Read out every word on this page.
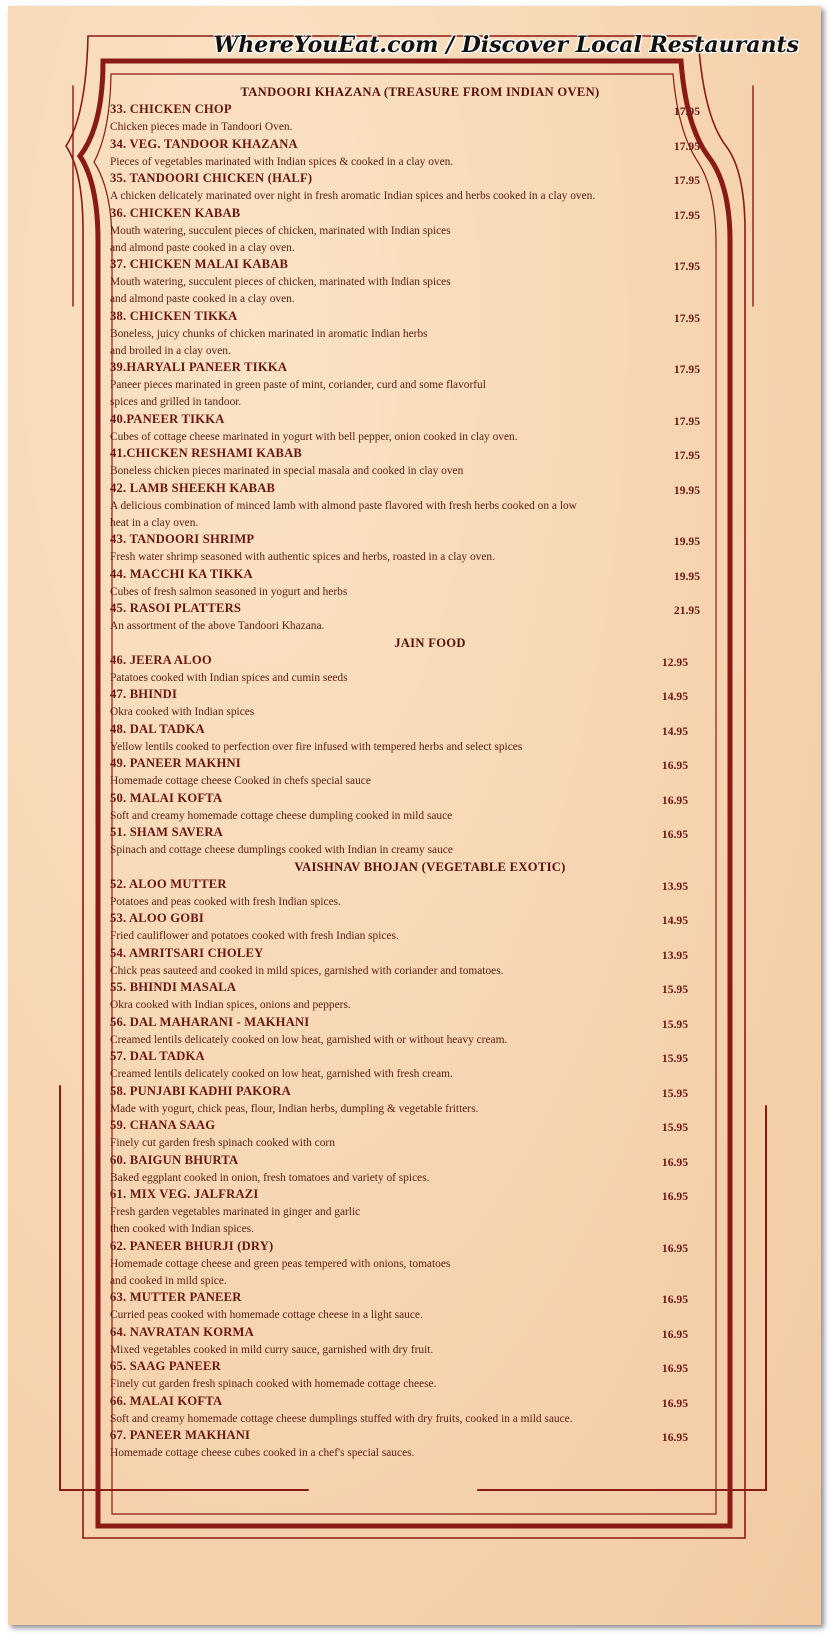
WhereYouEat.com / Discover Local Restaurants
TANDOORI KHAZANA (TREASURE FROM INDIAN OVEN)
33. CHICKEN CHOP	17.95
Chicken pieces made in Tandoori Oven.
34. VEG. TANDOOR KHAZANA	17.95
Pieces of vegetables marinated with Indian spices & cooked in a clay oven.
35. TANDOORI CHICKEN (HALF)	17.95
A chicken delicately marinated over night in fresh aromatic Indian spices and herbs cooked in a clay oven.
36. CHICKEN KABAB	17.95
Mouth watering, succulent pieces of chicken, marinated with Indian spices
and almond paste cooked in a clay oven.
37. CHICKEN MALAI KABAB	17.95
Mouth watering, succulent pieces of chicken, marinated with Indian spices
and almond paste cooked in a clay oven.
38. CHICKEN TIKKA	17.95
Boneless, juicy chunks of chicken marinated in aromatic Indian herbs
and broiled in a clay oven.
39.HARYALI PANEER TIKKA	17.95
Paneer pieces marinated in green paste of mint, coriander, curd and some flavorful
spices and grilled in tandoor.
40.PANEER TIKKA	17.95
Cubes of cottage cheese marinated in yogurt with bell pepper, onion cooked in clay oven.
41.CHICKEN RESHAMI KABAB	17.95
Boneless chicken pieces marinated in special masala and cooked in clay oven
42. LAMB SHEEKH KABAB	19.95
A delicious combination of minced lamb with almond paste flavored with fresh herbs cooked on a low
heat in a clay oven.
43. TANDOORI SHRIMP	19.95
Fresh water shrimp seasoned with authentic spices and herbs, roasted in a clay oven.
44. MACCHI KA TIKKA	19.95
Cubes of fresh salmon seasoned in yogurt and herbs
45. RASOI PLATTERS	21.95
An assortment of the above Tandoori Khazana.
JAIN FOOD
46. JEERA ALOO	12.95
Patatoes cooked with Indian spices and cumin seeds
47. BHINDI	14.95
Okra cooked with Indian spices
48. DAL TADKA	14.95
Yellow lentils cooked to perfection over fire infused with tempered herbs and select spices
49. PANEER MAKHNI	16.95
Homemade cottage cheese Cooked in chefs special sauce
50. MALAI KOFTA	16.95
Soft and creamy homemade cottage cheese dumpling cooked in mild sauce
51. SHAM SAVERA	16.95
Spinach and cottage cheese dumplings cooked with Indian in creamy sauce
VAISHNAV BHOJAN (VEGETABLE EXOTIC)
52. ALOO MUTTER	13.95
Potatoes and peas cooked with fresh Indian spices.
53. ALOO GOBI	14.95
Fried cauliflower and potatoes cooked with fresh Indian spices.
54. AMRITSARI CHOLEY	13.95
Chick peas sauteed and cooked in mild spices, garnished with coriander and tomatoes.
55. BHINDI MASALA	15.95
Okra cooked with Indian spices, onions and peppers.
56. DAL MAHARANI - MAKHANI	15.95
Creamed lentils delicately cooked on low heat, garnished with or without heavy cream.
57. DAL TADKA	15.95
Creamed lentils delicately cooked on low heat, garnished with fresh cream.
58. PUNJABI KADHI PAKORA	15.95
Made with yogurt, chick peas, flour, Indian herbs, dumpling & vegetable fritters.
59. CHANA SAAG	15.95
Finely cut garden fresh spinach cooked with corn
60. BAIGUN BHURTA	16.95
Baked eggplant cooked in onion, fresh tomatoes and variety of spices.
61. MIX VEG. JALFRAZI	16.95
Fresh garden vegetables marinated in ginger and garlic
then cooked with Indian spices.
62. PANEER BHURJI (DRY)	16.95
Homemade cottage cheese and green peas tempered with onions, tomatoes
and cooked in mild spice.
63. MUTTER PANEER	16.95
Curried peas cooked with homemade cottage cheese in a light sauce.
64. NAVRATAN KORMA	16.95
Mixed vegetables cooked in mild curry sauce, garnished with dry fruit.
65. SAAG PANEER	16.95
Finely cut garden fresh spinach cooked with homemade cottage cheese.
66. MALAI KOFTA	16.95
Soft and creamy homemade cottage cheese dumplings stuffed with dry fruits, cooked in a mild sauce.
67. PANEER MAKHANI	16.95
Homemade cottage cheese cubes cooked in a chef's special sauces.
